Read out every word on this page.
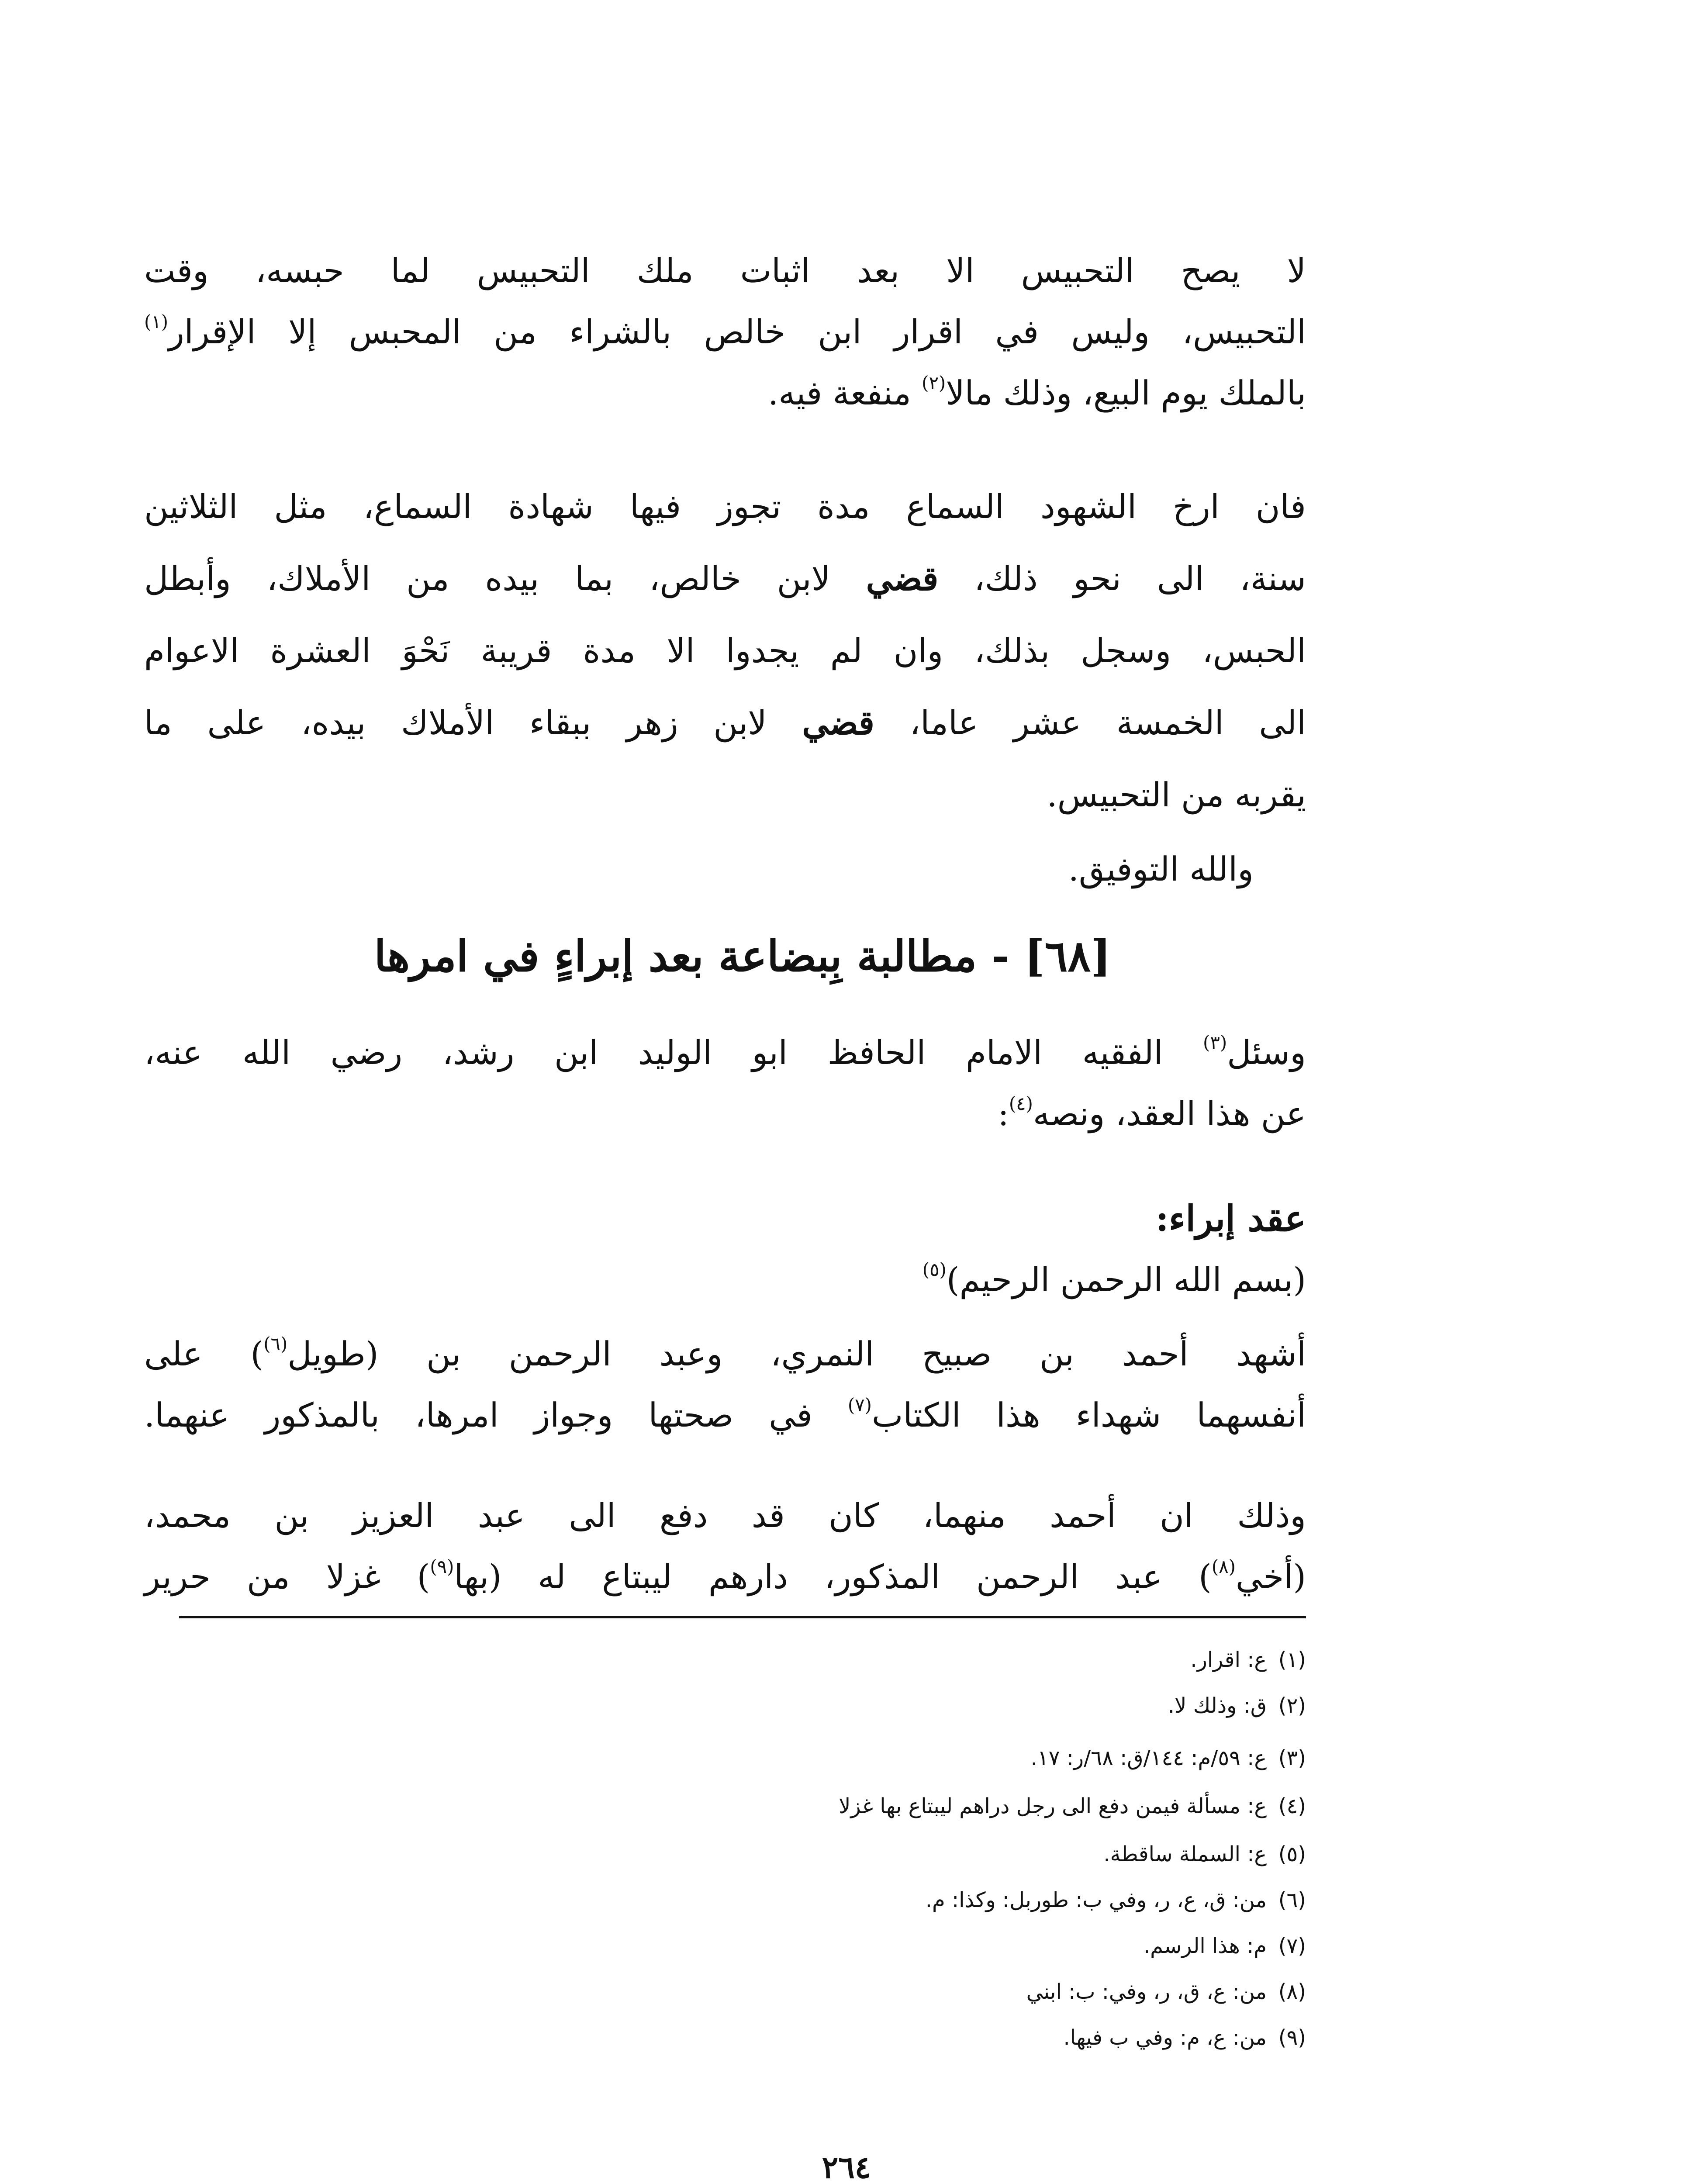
لا يصح التحبيس الا بعد اثبات ملك التحبيس لما حبسه، وقت
التحبيس، وليس في اقرار ابن خالص بالشراء من المحبس إلا الإقرار$^{(١)}$
بالملك يوم البيع، وذلك مالا$^{(٢)}$ منفعة فيه.
فان ارخ الشهود السماع مدة تجوز فيها شهادة السماع، مثل الثلاثين
سنة، الى نحو ذلك، قضي لابن خالص، بما بيده من الأملاك، وأبطل
الحبس، وسجل بذلك، وان لم يجدوا الا مدة قريبة نَحْوَ العشرة الاعوام
الى الخمسة عشر عاما، قضي لابن زهر ببقاء الأملاك بيده، على ما
يقربه من التحبيس.
والله التوفيق.
[٦٨] - مطالبة بِبضاعة بعد إبراءٍ في امرها
وسئل$^{(٣)}$ الفقيه الامام الحافظ ابو الوليد ابن رشد، رضي الله عنه،
عن هذا العقد، ونصه$^{(٤)}$:
عقد إبراء:
(بسم الله الرحمن الرحيم)$^{(٥)}$
أشهد أحمد بن صبيح النمري، وعبد الرحمن بن (طويل$^{(٦)}$) على
أنفسهما شهداء هذا الكتاب$^{(٧)}$ في صحتها وجواز امرها، بالمذكور عنهما.
وذلك ان أحمد منهما، كان قد دفع الى عبد العزيز بن محمد،
(أخي$^{(٨)}$) عبد الرحمن المذكور، دارهم ليبتاع له (بها$^{(٩)}$) غزلا من حرير
(١)ع: اقرار.
(٢)ق: وذلك لا.
(٣)ع: ٥٩/م: ١٤٤/ق: ٦٨/ر: ١٧.
(٤)ع: مسألة فيمن دفع الى رجل دراهم ليبتاع بها غزلا
(٥)ع: السملة ساقطة.
(٦)من: ق، ع، ر، وفي ب: طوربل: وكذا: م.
(٧)م: هذا الرسم.
(٨)من: ع، ق، ر، وفي: ب: ابني
(٩)من: ع، م: وفي ب فيها.
٢٦٤
